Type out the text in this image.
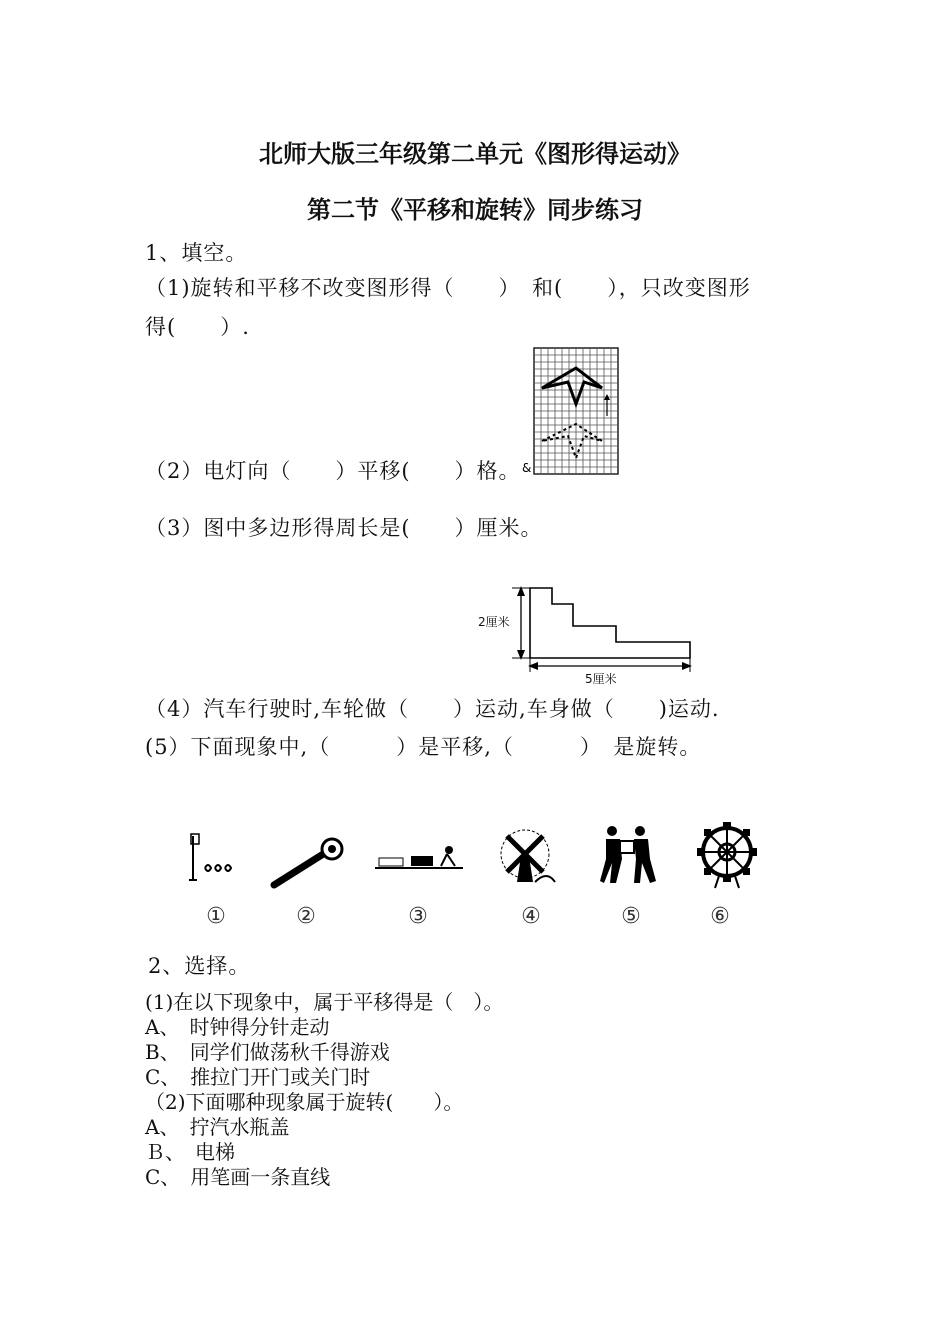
北师大版三年级第二单元《图形得运动》
第二节《平移和旋转》同步练习
1、填空。
（1)旋转和平移不改变图形得（　　）　和(　　），只改变图形
得(　　）.
&
（2）电灯向（　　）平移(　　）格。
（3）图中多边形得周长是(　　）厘米。
2厘米
5厘米
（4）汽车行驶时,车轮做（　　）运动,车身做（　　)运动.
(5）下面现象中,（　　　）是平移,（　　　）　是旋转。
①	②	③	④	⑤	⑥
2、选择。
(1)在以下现象中，属于平移得是（　）。
A、　时钟得分针走动
B、　同学们做荡秋千得游戏
C、　推拉门开门或关门时
（2)下面哪种现象属于旋转(　　）。
A、　拧汽水瓶盖
Ｂ、　电梯
C、　用笔画一条直线
